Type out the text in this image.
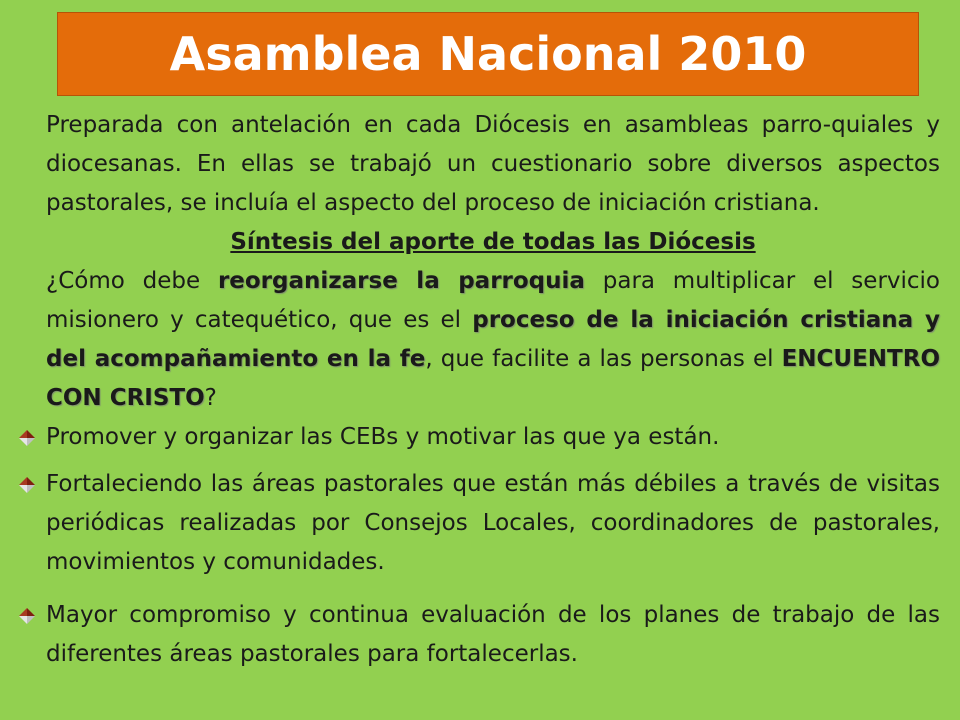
Asamblea Nacional 2010

Preparada con antelación en cada Diócesis en asambleas parro-quiales y diocesanas. En ellas se trabajó un cuestionario sobre diversos aspectos pastorales, se incluía el aspecto del proceso de iniciación cristiana.

Síntesis del aporte de todas las Diócesis

¿Cómo debe reorganizarse la parroquia para multiplicar el servicio misionero y catequético, que es el proceso de la iniciación cristiana y del acompañamiento en la fe, que facilite a las personas el ENCUENTRO CON CRISTO?

Promover y organizar las CEBs y motivar las que ya están.
Fortaleciendo las áreas pastorales que están más débiles a través de visitas periódicas realizadas por Consejos Locales, coordinadores de pastorales, movimientos y comunidades.
Mayor compromiso y continua evaluación de los planes de trabajo de las diferentes áreas pastorales para fortalecerlas.
